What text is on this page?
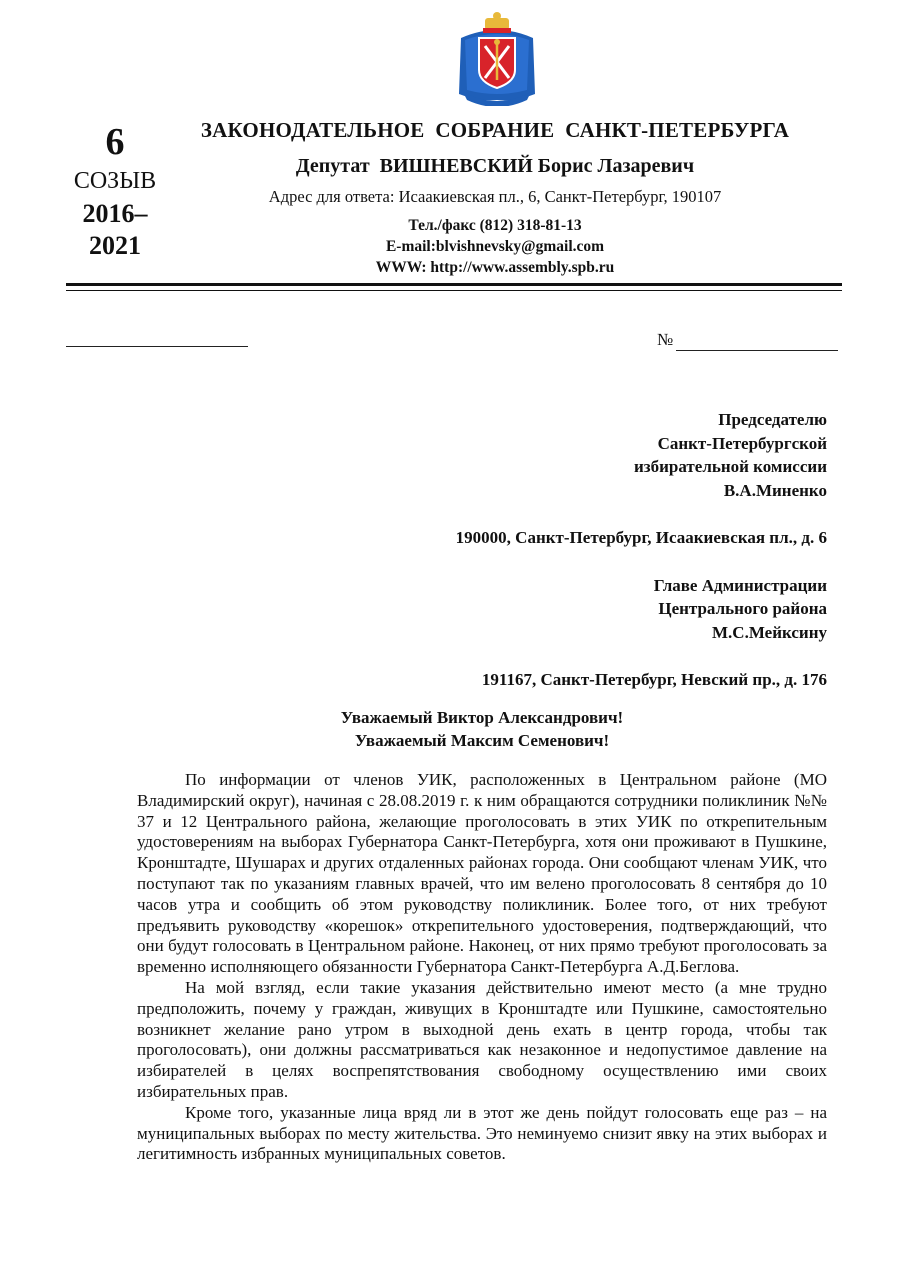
6
СОЗЫВ
2016–
2021
ЗАКОНОДАТЕЛЬНОЕ  СОБРАНИЕ  САНКТ-ПЕТЕРБУРГА
Депутат  ВИШНЕВСКИЙ Борис Лазаревич
Адрес для ответа: Исаакиевская пл., 6, Санкт-Петербург, 190107
Тел./факс (812) 318-81-13
E-mail:blvishnevsky@gmail.com
WWW: http://www.assembly.spb.ru
№
Председателю
Санкт-Петербургской
избирательной комиссии
В.А.Миненко
190000, Санкт-Петербург, Исаакиевская пл., д. 6
Главе Администрации
Центрального района
М.С.Мейксину
191167, Санкт-Петербург, Невский пр., д. 176
Уважаемый Виктор Александрович!
Уважаемый Максим Семенович!

По информации от членов УИК, расположенных в Центральном районе (МО Владимирский округ), начиная с 28.08.2019 г. к ним обращаются сотрудники поликлиник №№ 37 и 12 Центрального района, желающие проголосовать в этих УИК по открепительным удостоверениям на выборах Губернатора Санкт-Петербурга, хотя они проживают в Пушкине, Кронштадте, Шушарах и других отдаленных районах города. Они сообщают членам УИК, что поступают так по указаниям главных врачей, что им велено проголосовать 8 сентября до 10 часов утра и сообщить об этом руководству поликлиник. Более того, от них требуют предъявить руководству «корешок» открепительного удостоверения, подтверждающий, что они будут голосовать в Центральном районе. Наконец, от них прямо требуют проголосовать за временно исполняющего обязанности Губернатора Санкт-Петербурга А.Д.Беглова.

На мой взгляд, если такие указания действительно имеют место (а мне трудно предположить, почему у граждан, живущих в Кронштадте или Пушкине, самостоятельно возникнет желание рано утром в выходной день ехать в центр города, чтобы так проголосовать), они должны рассматриваться как незаконное и недопустимое давление на избирателей в целях воспрепятствования свободному осуществлению ими своих избирательных прав.

Кроме того, указанные лица вряд ли в этот же день пойдут голосовать еще раз – на муниципальных выборах по месту жительства. Это неминуемо снизит явку на этих выборах и легитимность избранных муниципальных советов.
